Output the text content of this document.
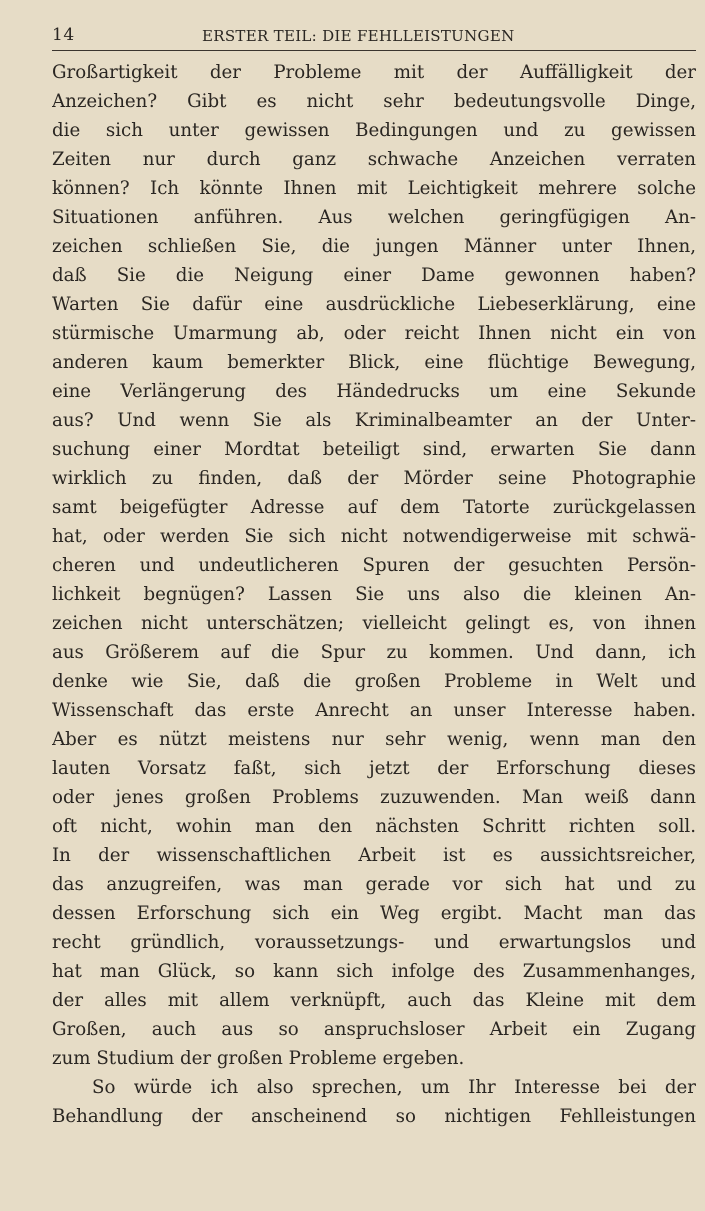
14	ERSTER TEIL: DIE FEHLLEISTUNGEN
Großartigkeit der Probleme mit der Auffälligkeit der
Anzeichen? Gibt es nicht sehr bedeutungsvolle Dinge,
die sich unter gewissen Bedingungen und zu gewissen
Zeiten nur durch ganz schwache Anzeichen verraten
können? Ich könnte Ihnen mit Leichtigkeit mehrere solche
Situationen anführen. Aus welchen geringfügigen An-
zeichen schließen Sie, die jungen Männer unter Ihnen,
daß Sie die Neigung einer Dame gewonnen haben?
Warten Sie dafür eine ausdrückliche Liebeserklärung, eine
stürmische Umarmung ab, oder reicht Ihnen nicht ein von
anderen kaum bemerkter Blick, eine flüchtige Bewegung,
eine Verlängerung des Händedrucks um eine Sekunde
aus? Und wenn Sie als Kriminalbeamter an der Unter-
suchung einer Mordtat beteiligt sind, erwarten Sie dann
wirklich zu finden, daß der Mörder seine Photographie
samt beigefügter Adresse auf dem Tatorte zurückgelassen
hat, oder werden Sie sich nicht notwendigerweise mit schwä-
cheren und undeutlicheren Spuren der gesuchten Persön-
lichkeit begnügen? Lassen Sie uns also die kleinen An-
zeichen nicht unterschätzen; vielleicht gelingt es, von ihnen
aus Größerem auf die Spur zu kommen. Und dann, ich
denke wie Sie, daß die großen Probleme in Welt und
Wissenschaft das erste Anrecht an unser Interesse haben.
Aber es nützt meistens nur sehr wenig, wenn man den
lauten Vorsatz faßt, sich jetzt der Erforschung dieses
oder jenes großen Problems zuzuwenden. Man weiß dann
oft nicht, wohin man den nächsten Schritt richten soll.
In der wissenschaftlichen Arbeit ist es aussichtsreicher,
das anzugreifen, was man gerade vor sich hat und zu
dessen Erforschung sich ein Weg ergibt. Macht man das
recht gründlich, voraussetzungs- und erwartungslos und
hat man Glück, so kann sich infolge des Zusammenhanges,
der alles mit allem verknüpft, auch das Kleine mit dem
Großen, auch aus so anspruchsloser Arbeit ein Zugang
zum Studium der großen Probleme ergeben.
So würde ich also sprechen, um Ihr Interesse bei der
Behandlung der anscheinend so nichtigen Fehlleistungen
